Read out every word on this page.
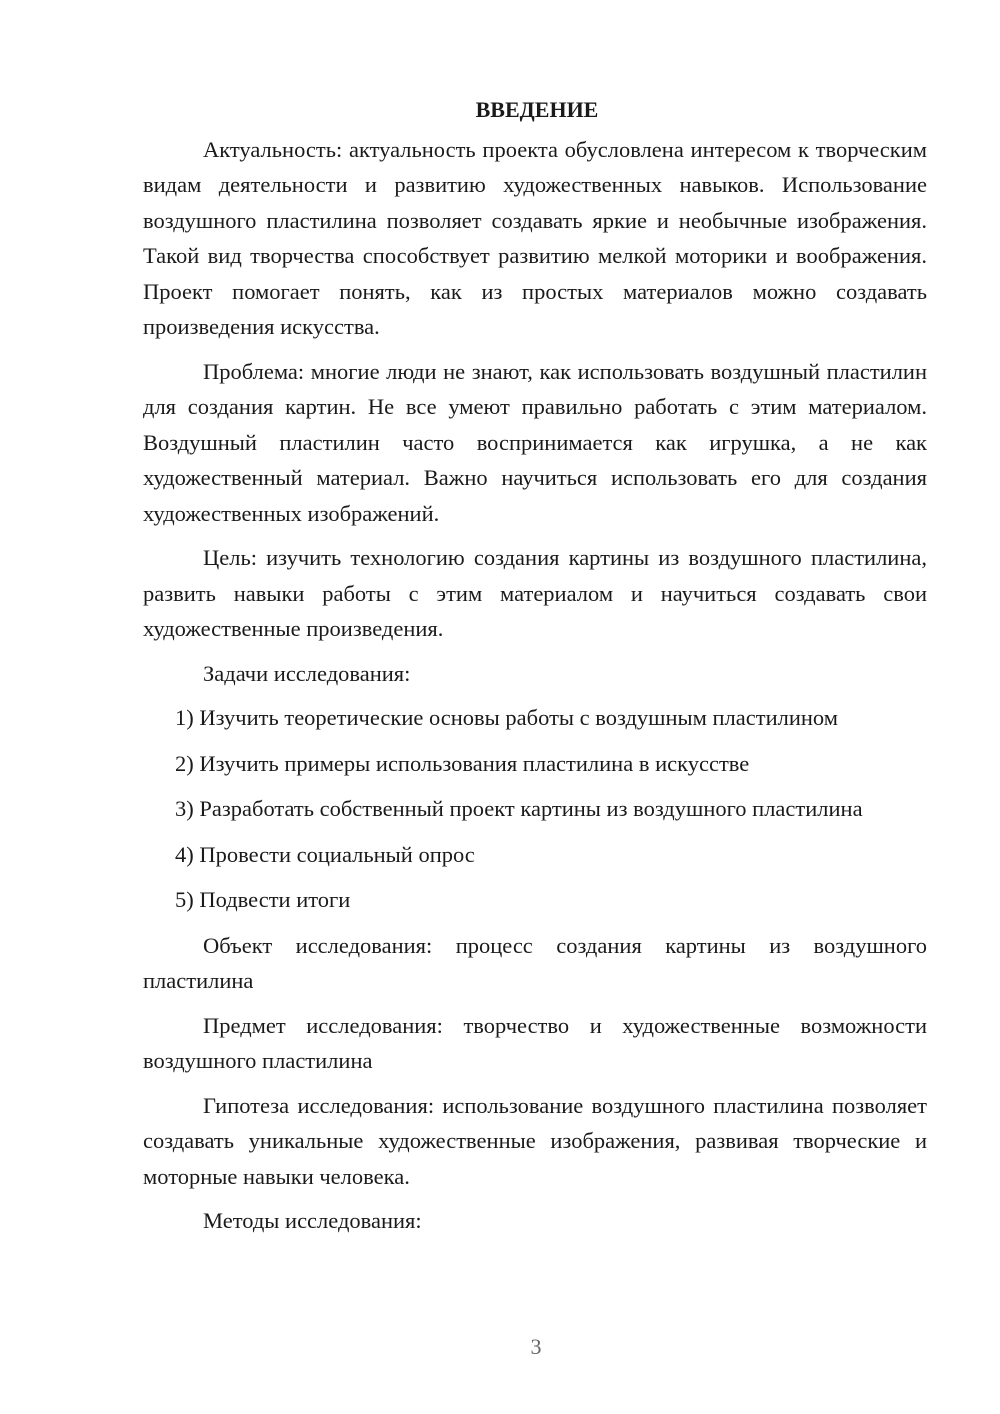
ВВЕДЕНИЕ

Актуальность: актуальность проекта обусловлена интересом к творческим видам деятельности и развитию художественных навыков. Использование воздушного пластилина позволяет создавать яркие и необычные изображения. Такой вид творчества способствует развитию мелкой моторики и воображения. Проект помогает понять, как из простых материалов можно создавать произведения искусства.

Проблема: многие люди не знают, как использовать воздушный пластилин для создания картин. Не все умеют правильно работать с этим материалом. Воздушный пластилин часто воспринимается как игрушка, а не как художественный материал. Важно научиться использовать его для создания художественных изображений.

Цель: изучить технологию создания картины из воздушного пластилина, развить навыки работы с этим материалом и научиться создавать свои художественные произведения.

Задачи исследования:

1) Изучить теоретические основы работы с воздушным пластилином

2) Изучить примеры использования пластилина в искусстве

3) Разработать собственный проект картины из воздушного пластилина

4) Провести социальный опрос

5) Подвести итоги

Объект исследования: процесс создания картины из воздушного пластилина

Предмет исследования: творчество и художественные возможности воздушного пластилина

Гипотеза исследования: использование воздушного пластилина позволяет создавать уникальные художественные изображения, развивая творческие и моторные навыки человека.

Методы исследования:

3
